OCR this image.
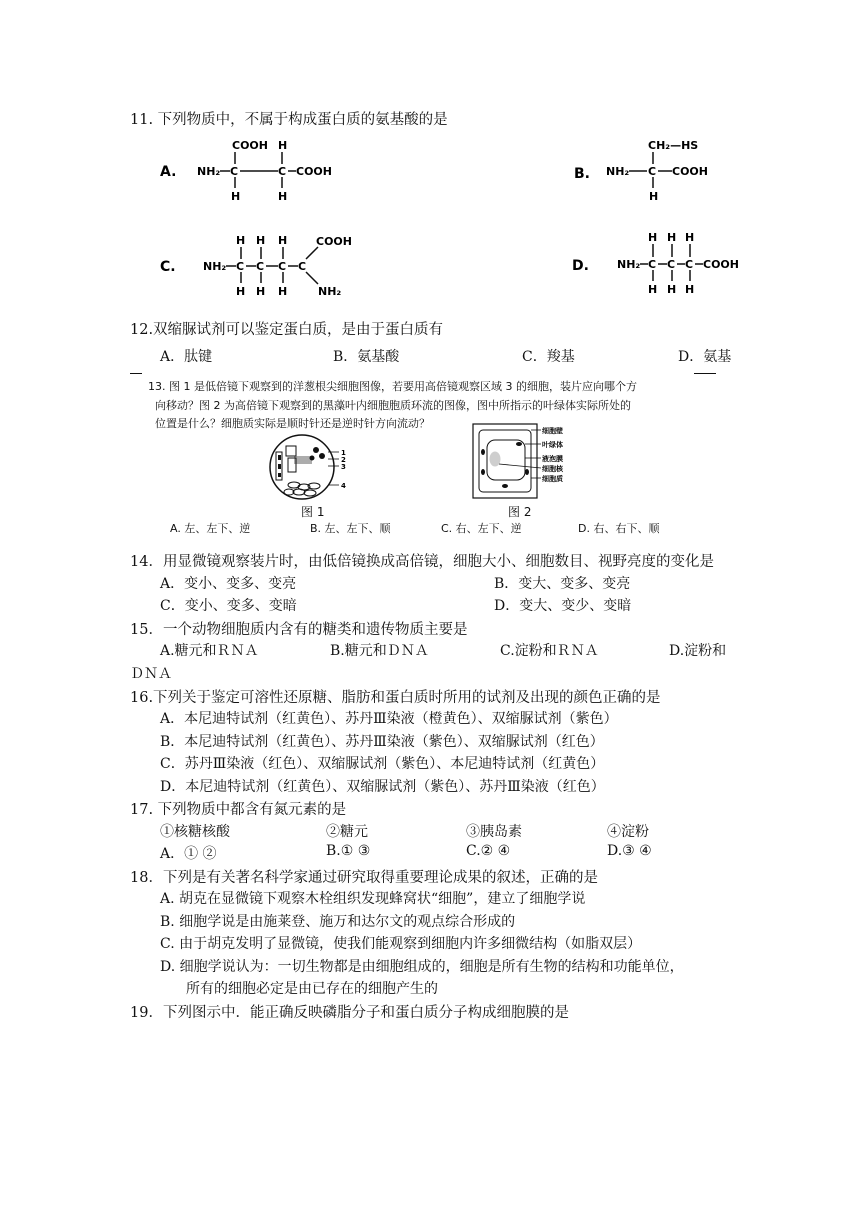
11. 下列物质中，不属于构成蛋白质的氨基酸的是
A. NH₂ C
COOH
H
C
H
H
COOH	B. NH₂ C
CH₂—HS
H
COOH
C. NH₂ C
H
H
C
H
H
C
H
H
C
COOH
NH₂
D.	NH₂ C
H
H
C
H
H
C
H
H
COOH
12.双缩脲试剂可以鉴定蛋白质，是由于蛋白质有
A．肽键	B．氨基酸	C．羧基	D．氨基
13. 图 1 是低倍镜下观察到的洋葱根尖细胞图像，若要用高倍镜观察区域 3 的细胞，装片应向哪个方
向移动？图 2 为高倍镜下观察到的黑藻叶内细胞胞质环流的图像，图中所指示的叶绿体实际所处的
位置是什么？细胞质实际是顺时针还是逆时针方向流动？
1
2
3
4
图 1
细胞壁
叶绿体
液泡膜
细胞核
细胞质
图 2
A. 左、左下、逆	B. 左、左下、顺	C. 右、左下、逆	D. 右、右下、顺
14．用显微镜观察装片时，由低倍镜换成高倍镜，细胞大小、细胞数目、视野亮度的变化是
A．变小、变多、变亮	B．变大、变多、变亮
C．变小、变多、变暗	D．变大、变少、变暗
15．一个动物细胞质内含有的糖类和遗传物质主要是
A.糖元和ＲＮＡ	B.糖元和ＤＮＡ	C.淀粉和ＲＮＡ	D.淀粉和
ＤＮＡ
16.下列关于鉴定可溶性还原糖、脂肪和蛋白质时所用的试剂及出现的颜色正确的是
A．本尼迪特试剂（红黄色）、苏丹Ⅲ染液（橙黄色）、双缩脲试剂（紫色）
B．本尼迪特试剂（红黄色）、苏丹Ⅲ染液（紫色）、双缩脲试剂（红色）
C．苏丹Ⅲ染液（红色）、双缩脲试剂（紫色）、本尼迪特试剂（红黄色）
D．本尼迪特试剂（红黄色）、双缩脲试剂（紫色）、苏丹Ⅲ染液（红色）
17. 下列物质中都含有氮元素的是
①核糖核酸	②糖元	③胰岛素	④淀粉
A．① ②	B.① ③	C.② ④	D.③ ④
18．下列是有关著名科学家通过研究取得重要理论成果的叙述，正确的是
A. 胡克在显微镜下观察木栓组织发现蜂窝状“细胞”，建立了细胞学说
B. 细胞学说是由施莱登、施万和达尔文的观点综合形成的
C. 由于胡克发明了显微镜，使我们能观察到细胞内许多细微结构（如脂双层）
D. 细胞学说认为：一切生物都是由细胞组成的，细胞是所有生物的结构和功能单位，
所有的细胞必定是由已存在的细胞产生的
19．下列图示中．能正确反映磷脂分子和蛋白质分子构成细胞膜的是
